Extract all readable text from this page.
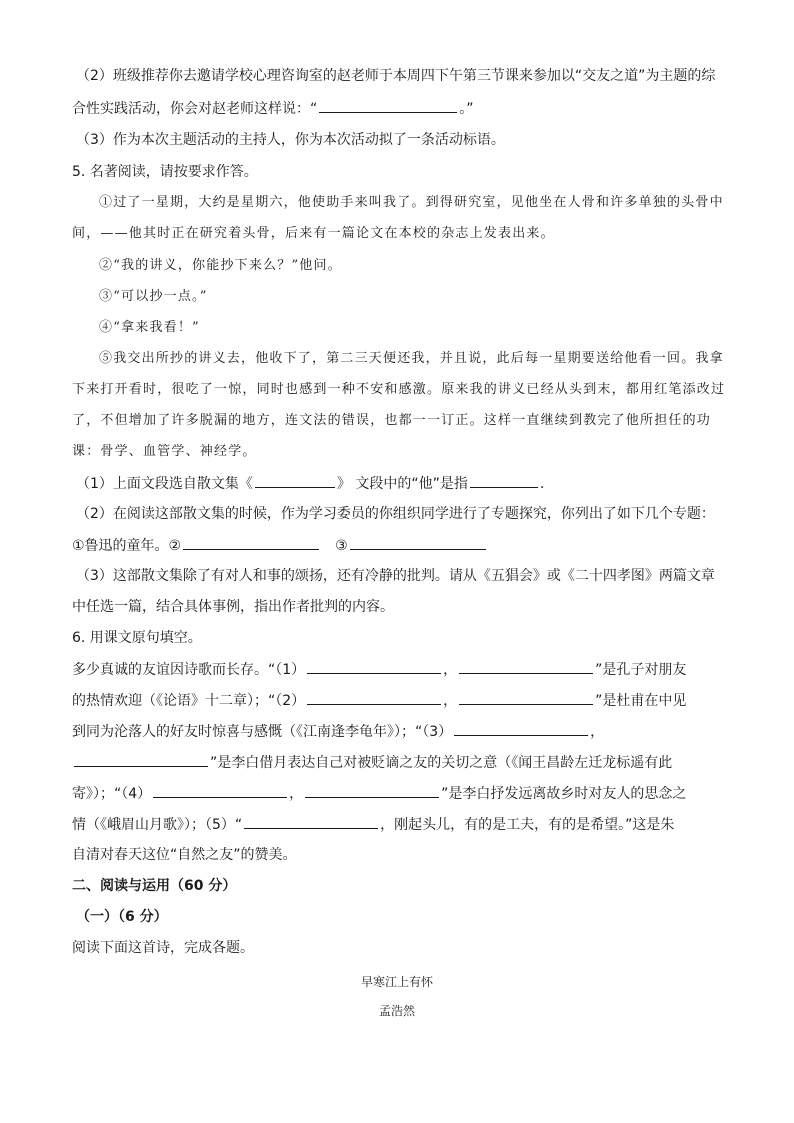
（2）班级推荐你去邀请学校心理咨询室的赵老师于本周四下午第三节课来参加以“交友之道”为主题的综
合性实践活动，你会对赵老师这样说：“	。”
（3）作为本次主题活动的主持人，你为本次活动拟了一条活动标语。
5. 名著阅读，请按要求作答。
①过了一星期，大约是星期六，他使助手来叫我了。到得研究室，见他坐在人骨和许多单独的头骨中
间，——他其时正在研究着头骨，后来有一篇论文在本校的杂志上发表出来。
②“我的讲义，你能抄下来么？”他问。
③“可以抄一点。”
④“拿来我看！”
⑤我交出所抄的讲义去，他收下了，第二三天便还我，并且说，此后每一星期要送给他看一回。我拿
下来打开看时，很吃了一惊，同时也感到一种不安和感激。原来我的讲义已经从头到末，都用红笔添改过
了，不但增加了许多脱漏的地方，连文法的错误，也都一一订正。这样一直继续到教完了他所担任的功
课：骨学、血管学、神经学。
（1）上面文段选自散文集《	》 文段中的“他”是指	.
（2）在阅读这部散文集的时候，作为学习委员的你组织同学进行了专题探究，你列出了如下几个专题：
①鲁迅的童年。②	③
（3）这部散文集除了有对人和事的颂扬，还有冷静的批判。请从《五猖会》或《二十四孝图》两篇文章
中任选一篇，结合具体事例，指出作者批判的内容。
6. 用课文原句填空。
多少真诚的友谊因诗歌而长存。“（1）	，	”是孔子对朋友
的热情欢迎（《论语》十二章）；“（2）	，	”是杜甫在中见
到同为沦落人的好友时惊喜与感慨（《江南逢李龟年》）；“（3）	，
”是李白借月表达自己对被贬谪之友的关切之意（《闻王昌龄左迁龙标遥有此
寄》）；“（4）	，	”是李白抒发远离故乡时对友人的思念之
情（《峨眉山月歌》）；（5）“	，刚起头儿，有的是工夫，有的是希望。”这是朱
自清对春天这位“自然之友”的赞美。
二、阅读与运用（60 分）
（一）（6 分）
阅读下面这首诗，完成各题。
早寒江上有怀
孟浩然
